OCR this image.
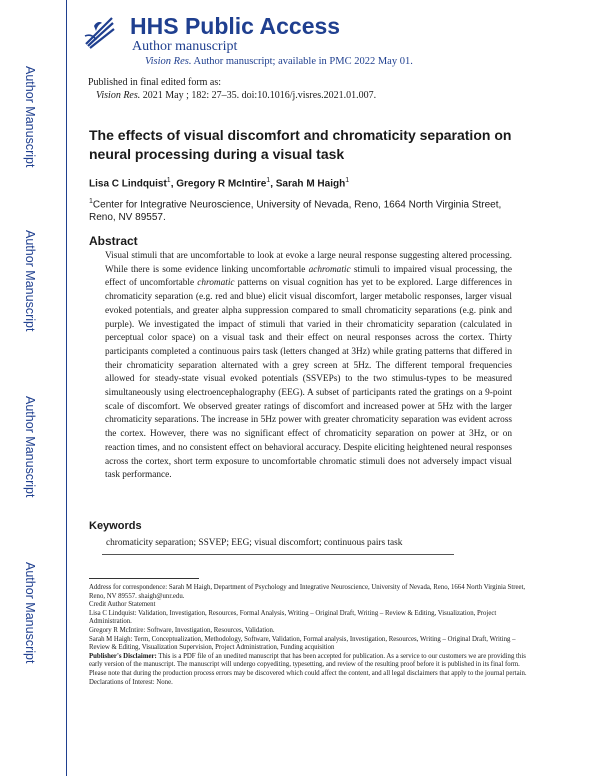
Author Manuscript
Author Manuscript
Author Manuscript
Author Manuscript
HHS Public Access
Author manuscript
Vision Res. Author manuscript; available in PMC 2022 May 01.
Published in final edited form as:
Vision Res. 2021 May ; 182: 27–35. doi:10.1016/j.visres.2021.01.007.
The effects of visual discomfort and chromaticity separation on neural processing during a visual task
Lisa C Lindquist$^1$, Gregory R McIntire$^1$, Sarah M Haigh$^1$
$^1$Center for Integrative Neuroscience, University of Nevada, Reno, 1664 North Virginia Street, Reno, NV 89557.
Abstract
Visual stimuli that are uncomfortable to look at evoke a large neural response suggesting altered processing. While there is some evidence linking uncomfortable achromatic stimuli to impaired visual processing, the effect of uncomfortable chromatic patterns on visual cognition has yet to be explored. Large differences in chromaticity separation (e.g. red and blue) elicit visual discomfort, larger metabolic responses, larger visual evoked potentials, and greater alpha suppression compared to small chromaticity separations (e.g. pink and purple). We investigated the impact of stimuli that varied in their chromaticity separation (calculated in perceptual color space) on a visual task and their effect on neural responses across the cortex. Thirty participants completed a continuous pairs task (letters changed at 3Hz) while grating patterns that differed in their chromaticity separation alternated with a grey screen at 5Hz. The different temporal frequencies allowed for steady-state visual evoked potentials (SSVEPs) to the two stimulus-types to be measured simultaneously using electroencephalography (EEG). A subset of participants rated the gratings on a 9-point scale of discomfort. We observed greater ratings of discomfort and increased power at 5Hz with the larger chromaticity separations. The increase in 5Hz power with greater chromaticity separation was evident across the cortex. However, there was no significant effect of chromaticity separation on power at 3Hz, or on reaction times, and no consistent effect on behavioral accuracy. Despite eliciting heightened neural responses across the cortex, short term exposure to uncomfortable chromatic stimuli does not adversely impact visual task performance.
Keywords
chromaticity separation; SSVEP; EEG; visual discomfort; continuous pairs task

Address for correspondence: Sarah M Haigh, Department of Psychology and Integrative Neuroscience, University of Nevada, Reno, 1664 North Virginia Street, Reno, NV 89557. shaigh@unr.edu.

Credit Author Statement

Lisa C Lindquist: Validation, Investigation, Resources, Formal Analysis, Writing – Original Draft, Writing – Review & Editing, Visualization, Project Administration.

Gregory R McIntire: Software, Investigation, Resources, Validation.

Sarah M Haigh: Term, Conceptualization, Methodology, Software, Validation, Formal analysis, Investigation, Resources, Writing – Original Draft, Writing – Review & Editing, Visualization Supervision, Project Administration, Funding acquisition

Publisher's Disclaimer: This is a PDF file of an unedited manuscript that has been accepted for publication. As a service to our customers we are providing this early version of the manuscript. The manuscript will undergo copyediting, typesetting, and review of the resulting proof before it is published in its final form. Please note that during the production process errors may be discovered which could affect the content, and all legal disclaimers that apply to the journal pertain.

Declarations of Interest: None.
